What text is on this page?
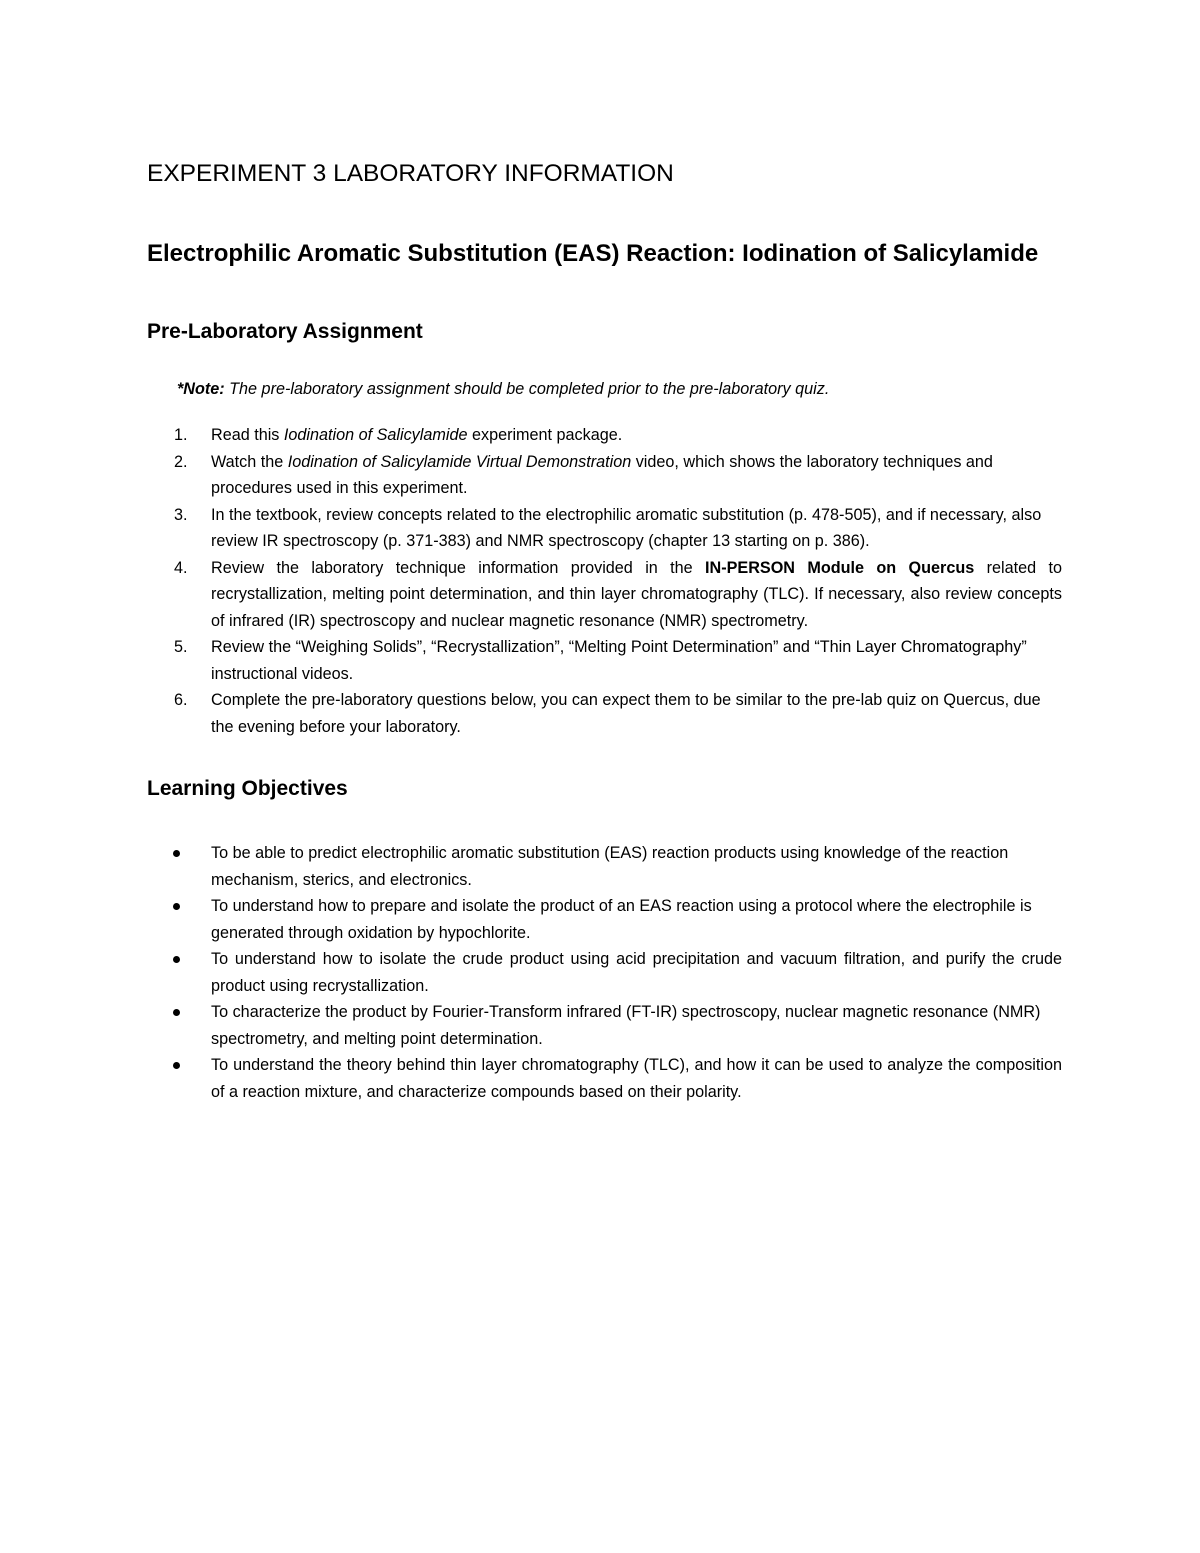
EXPERIMENT 3 LABORATORY INFORMATION
Electrophilic Aromatic Substitution (EAS) Reaction: Iodination of Salicylamide
Pre-Laboratory Assignment

*Note: The pre-laboratory assignment should be completed prior to the pre-laboratory quiz.

1. Read this Iodination of Salicylamide experiment package.
2. Watch the Iodination of Salicylamide Virtual Demonstration video, which shows the laboratory techniques and procedures used in this experiment.
3. In the textbook, review concepts related to the electrophilic aromatic substitution (p. 478-505), and if necessary, also review IR spectroscopy (p. 371-383) and NMR spectroscopy (chapter 13 starting on p. 386).
4. Review the laboratory technique information provided in the IN-PERSON Module on Quercus related to recrystallization, melting point determination, and thin layer chromatography (TLC). If necessary, also review concepts of infrared (IR) spectroscopy and nuclear magnetic resonance (NMR) spectrometry.
5. Review the “Weighing Solids”, “Recrystallization”, “Melting Point Determination” and “Thin Layer Chromatography” instructional videos.
6. Complete the pre-laboratory questions below, you can expect them to be similar to the pre-lab quiz on Quercus, due the evening before your laboratory.
Learning Objectives
To be able to predict electrophilic aromatic substitution (EAS) reaction products using knowledge of the reaction mechanism, sterics, and electronics.
To understand how to prepare and isolate the product of an EAS reaction using a protocol where the electrophile is generated through oxidation by hypochlorite.
To understand how to isolate the crude product using acid precipitation and vacuum filtration, and purify the crude product using recrystallization.
To characterize the product by Fourier-Transform infrared (FT-IR) spectroscopy, nuclear magnetic resonance (NMR) spectrometry, and melting point determination.
To understand the theory behind thin layer chromatography (TLC), and how it can be used to analyze the composition of a reaction mixture, and characterize compounds based on their polarity.
